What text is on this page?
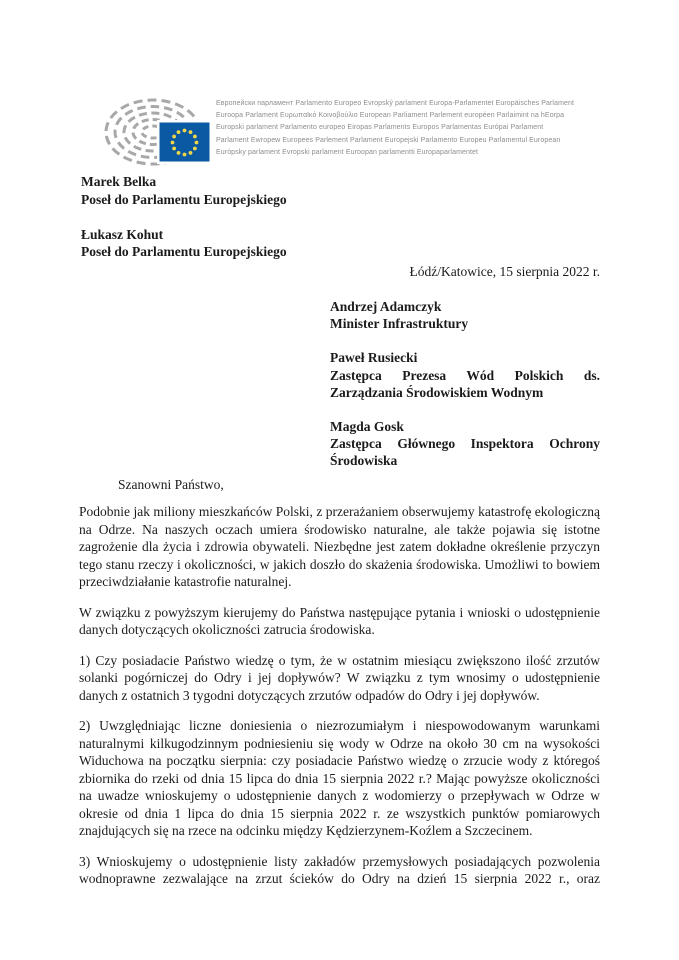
Европейски парламент Parlamento Europeo Evropský parlament Europa-Parlamentet Europäisches Parlament
Euroopa Parlament Ευρωπαϊκό Κοινοβούλιο European Parliament Parlement européen Parlaimint na hEorpa
Europski parlament Parlamento europeo Eiropas Parlaments Europos Parlamentas Európai Parlament
Parlament Ewropew Europees Parlement Parlament Europejski Parlamento Europeu Parlamentul European
Európsky parlament Evropski parlament Euroopan parlamentti Europaparlamentet
Marek Belka
Poseł do Parlamentu Europejskiego
Łukasz Kohut
Poseł do Parlamentu Europejskiego
Łódź/Katowice, 15 sierpnia 2022 r.
Andrzej Adamczyk
Minister Infrastruktury
Paweł Rusiecki
Zastępca Prezesa Wód Polskich ds. Zarządzania Środowiskiem Wodnym
Magda Gosk
Zastępca Głównego Inspektora Ochrony Środowiska
Szanowni Państwo,

Podobnie jak miliony mieszkańców Polski, z przerażaniem obserwujemy katastrofę ekologiczną na Odrze. Na naszych oczach umiera środowisko naturalne, ale także pojawia się istotne zagrożenie dla życia i zdrowia obywateli. Niezbędne jest zatem dokładne określenie przyczyn tego stanu rzeczy i okoliczności, w jakich doszło do skażenia środowiska. Umożliwi to bowiem przeciwdziałanie katastrofie naturalnej.

W związku z powyższym kierujemy do Państwa następujące pytania i wnioski o udostępnienie danych dotyczących okoliczności zatrucia środowiska.

1) Czy posiadacie Państwo wiedzę o tym, że w ostatnim miesiącu zwiększono ilość zrzutów solanki pogórniczej do Odry i jej dopływów? W związku z tym wnosimy o udostępnienie danych z ostatnich 3 tygodni dotyczących zrzutów odpadów do Odry i jej dopływów.

2) Uwzględniając liczne doniesienia o niezrozumiałym i niespowodowanym warunkami naturalnymi kilkugodzinnym podniesieniu się wody w Odrze na około 30 cm na wysokości Widuchowa na początku sierpnia: czy posiadacie Państwo wiedzę o zrzucie wody z któregoś zbiornika do rzeki od dnia 15 lipca do dnia 15 sierpnia 2022 r.? Mając powyższe okoliczności na uwadze wnioskujemy o udostępnienie danych z wodomierzy o przepływach w Odrze w okresie od dnia 1 lipca do dnia 15 sierpnia 2022 r. ze wszystkich punktów pomiarowych znajdujących się na rzece na odcinku między Kędzierzynem-Koźlem a Szczecinem.

3) Wnioskujemy o udostępnienie listy zakładów przemysłowych posiadających pozwolenia wodnoprawne zezwalające na zrzut ścieków do Odry na dzień 15 sierpnia 2022 r., oraz
